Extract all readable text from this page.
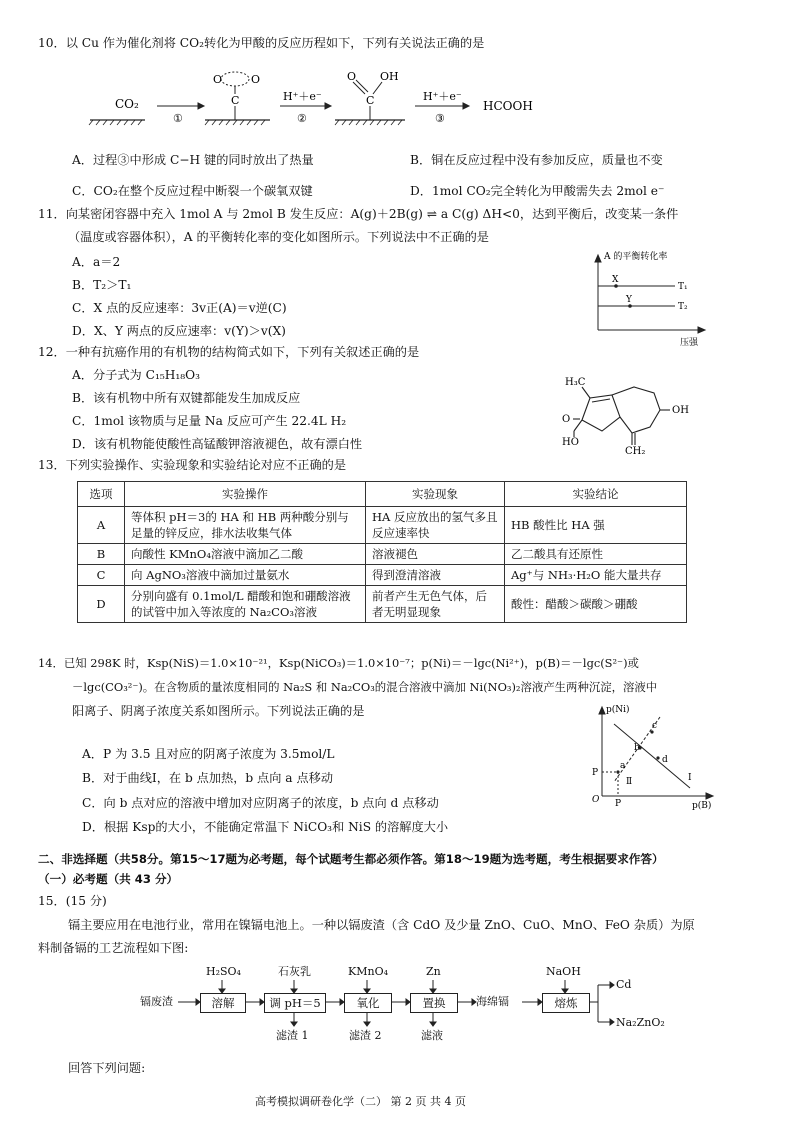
10．以 Cu 作为催化剂将 CO₂转化为甲酸的反应历程如下，下列有关说法正确的是
CO₂
①	②	③
H⁺＋e⁻	H⁺＋e⁻
HCOOH
O	O
C
O OH
C
A．过程③中形成 C−H 键的同时放出了热量	B．铜在反应过程中没有参加反应，质量也不变
C．CO₂在整个反应过程中断裂一个碳氧双键	D．1mol CO₂完全转化为甲酸需失去 2mol e⁻
11．向某密闭容器中充入 1mol A 与 2mol B 发生反应：A(g)＋2B(g) ⇌ a C(g) ΔH<0，达到平衡后，改变某一条件
（温度或容器体积），A 的平衡转化率的变化如图所示。下列说法中不正确的是
A．a＝2
B．T₂＞T₁
C．X 点的反应速率：3v正(A)＝v逆(C)
D．X、Y 两点的反应速率：v(Y)＞v(X)
A 的平衡转化率
压强
T₁
T₂
X
Y
12．一种有抗癌作用的有机物的结构简式如下，下列有关叙述正确的是
A．分子式为 C₁₅H₁₈O₃
B．该有机物中所有双键都能发生加成反应
C．1mol 该物质与足量 Na 反应可产生 22.4L H₂
D．该有机物能使酸性高锰酸钾溶液褪色，故有漂白性
H₃C
OH
O
HO
CH₂
13．下列实验操作、实验现象和实验结论对应不正确的是
选项	实验操作	实验现象	实验结论
A	等体积 pH＝3的 HA 和 HB 两种酸分别与足量的锌反应，排水法收集气体	HA 反应放出的氢气多且反应速率快	HB 酸性比 HA 强
B	向酸性 KMnO₄溶液中滴加乙二酸	溶液褪色	乙二酸具有还原性
C	向 AgNO₃溶液中滴加过量氨水	得到澄清溶液	Ag⁺与 NH₃·H₂O 能大量共存
D	分别向盛有 0.1mol/L 醋酸和饱和硼酸溶液的试管中加入等浓度的 Na₂CO₃溶液	前者产生无色气体，后者无明显现象	酸性：醋酸＞碳酸＞硼酸
14．已知 298K 时，Ksp(NiS)＝1.0×10⁻²¹，Ksp(NiCO₃)＝1.0×10⁻⁷；p(Ni)＝－lgc(Ni²⁺)，p(B)＝－lgc(S²⁻)或
－lgc(CO₃²⁻)。在含物质的量浓度相同的 Na₂S 和 Na₂CO₃的混合溶液中滴加 Ni(NO₃)₂溶液产生两种沉淀，溶液中
阳离子、阴离子浓度关系如图所示。下列说法正确的是
A．P 为 3.5 且对应的阴离子浓度为 3.5mol/L
B．对于曲线Ⅰ，在 b 点加热，b 点向 a 点移动
C．向 b 点对应的溶液中增加对应阴离子的浓度，b 点向 d 点移动
D．根据 Ksp的大小，不能确定常温下 NiCO₃和 NiS 的溶解度大小
p(Ni)
p(B)
O
P
P
a
b
c
d
Ⅱ	Ⅰ
二、非选择题（共58分。第15～17题为必考题，每个试题考生都必须作答。第18～19题为选考题，考生根据要求作答）
（一）必考题（共 43 分）
15．(15 分)
镉主要应用在电池行业，常用在镍镉电池上。一种以镉废渣（含 CdO 及少量 ZnO、CuO、MnO、FeO 杂质）为原
料制备镉的工艺流程如下图:
镉废渣	溶解	调 pH＝5	氧化	置换	熔炼
海绵镉
H₂SO₄	石灰乳	KMnO₄	Zn	NaOH
滤渣 1	滤渣 2	滤液
Cd
Na₂ZnO₂
回答下列问题:
高考模拟调研卷化学（二） 第 2 页 共 4 页
